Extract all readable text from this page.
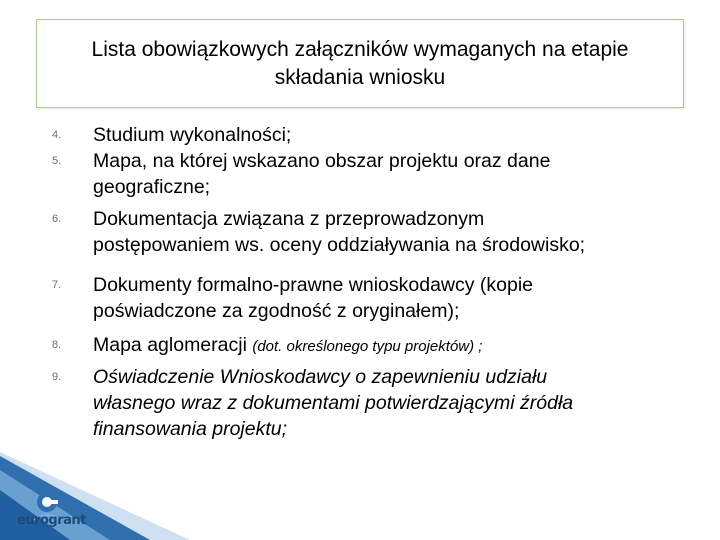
Lista obowiązkowych załączników wymaganych na etapie
składania wniosku
4.	Studium wykonalności;
5.	Mapa, na której wskazano obszar projektu oraz dane
geograficzne;
6.	Dokumentacja związana z przeprowadzonym
postępowaniem ws. oceny oddziaływania na środowisko;
7.	Dokumenty formalno-prawne wnioskodawcy (kopie
poświadczone za zgodność z oryginałem);
8.	Mapa aglomeracji (dot. określonego typu projektów) ;
9.	Oświadczenie Wnioskodawcy o zapewnieniu udziału
własnego wraz z dokumentami potwierdzającymi źródła
finansowania projektu;
eurogrant
